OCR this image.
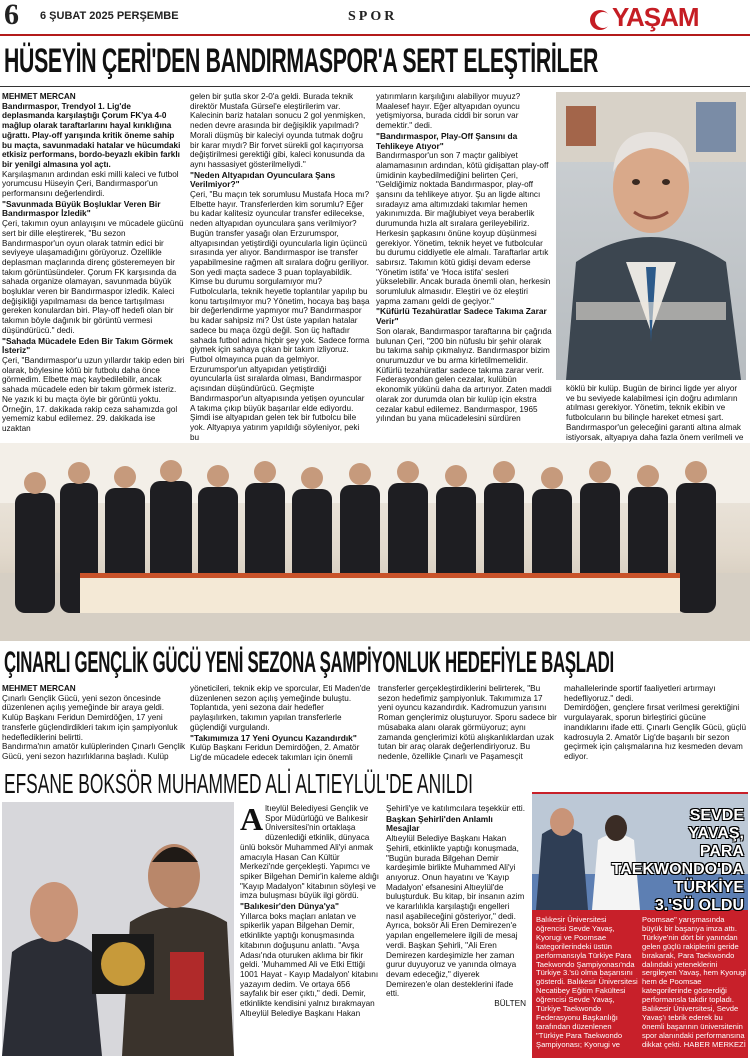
6 6 ŞUBAT 2025 PERŞEMBE	SPOR	YAŞAM
HÜSEYİN ÇERİ'DEN BANDIRMASPOR'A SERT ELEŞTİRİLER

MEHMET MERCAN

Bandırmaspor, Trendyol 1. Lig'de deplasmanda karşılaştığı Çorum FK'ya 4-0 mağlup olarak taraftarlarını hayal kırıklığına uğrattı. Play-off yarışında kritik öneme sahip bu maçta, savunmadaki hatalar ve hücumdaki etkisiz performans, bordo-beyazlı ekibin farklı bir yenilgi almasına yol açtı.

Karşılaşmanın ardından eski milli kaleci ve futbol yorumcusu Hüseyin Çeri, Bandırmaspor'un performansını değerlendirdi.

"Savunmada Büyük Boşluklar Veren Bir Bandırmaspor İzledik"

Çeri, takımın oyun anlayışını ve mücadele gücünü sert bir dille eleştirerek, "Bu sezon Bandırmaspor'un oyun olarak tatmin edici bir seviyeye ulaşamadığını görüyoruz. Özellikle deplasman maçlarında direnç gösteremeyen bir takım görüntüsündeler. Çorum FK karşısında da sahada organize olamayan, savunmada büyük boşluklar veren bir Bandırmaspor izledik. Kaleci değişikliği yapılmaması da bence tartışılması gereken konulardan biri. Play-off hedefi olan bir takımın böyle dağınık bir görüntü vermesi düşündürücü." dedi.

"Sahada Mücadele Eden Bir Takım Görmek İsteriz"

Çeri, "Bandırmaspor'u uzun yıllardır takip eden biri olarak, böylesine kötü bir futbolu daha önce görmedim. Elbette maç kaybedilebilir, ancak sahada mücadele eden bir takım görmek isteriz. Ne yazık ki bu maçta öyle bir görüntü yoktu. Örneğin, 17. dakikada rakip ceza sahamızda gol yememiz kabul edilemez. 29. dakikada ise uzaktan

gelen bir şutla skor 2-0'a geldi. Burada teknik direktör Mustafa Gürsel'e eleştirilerim var. Kalecinin bariz hataları sonucu 2 gol yenmişken, neden devre arasında bir değişiklik yapılmadı? Morali düşmüş bir kaleciyi oyunda tutmak doğru bir karar mıydı? Bir forvet sürekli gol kaçırıyorsa değiştirilmesi gerektiği gibi, kaleci konusunda da aynı hassasiyet gösterilmeliydi."

"Neden Altyapıdan Oyunculara Şans Verilmiyor?"

Çeri, "Bu maçın tek sorumlusu Mustafa Hoca mı? Elbette hayır. Transferlerden kim sorumlu? Eğer bu kadar kalitesiz oyuncular transfer edilecekse, neden altyapıdan oyunculara şans verilmiyor? Bugün transfer yasağı olan Erzurumspor, altyapısından yetiştirdiği oyuncularla ligin üçüncü sırasında yer alıyor. Bandırmaspor ise transfer yapabilmesine rağmen alt sıralara doğru geriliyor. Son yedi maçta sadece 3 puan toplayabildik. Kimse bu durumu sorgulamıyor mu? Futbolcularla, teknik heyetle toplantılar yapılıp bu konu tartışılmıyor mu? Yönetim, hocaya baş başa bir değerlendirme yapmıyor mu? Bandırmaspor bu kadar sahipsiz mi? Üst üste yapılan hatalar sadece bu maça özgü değil. Son üç haftadır sahada futbol adına hiçbir şey yok. Sadece forma giymek için sahaya çıkan bir takım izliyoruz. Futbol olmayınca puan da gelmiyor. Erzurumspor'un altyapıdan yetiştirdiği oyuncularla üst sıralarda olması, Bandırmaspor açısından düşündürücü. Geçmişte Bandırmaspor'un altyapısında yetişen oyuncular A takıma çıkıp büyük başarılar elde ediyordu. Şimdi ise altyapıdan gelen tek bir futbolcu bile yok. Altyapıya yatırım yapıldığı söyleniyor, peki bu

yatırımların karşılığını alabiliyor muyuz? Maalesef hayır. Eğer altyapıdan oyuncu yetişmiyorsa, burada ciddi bir sorun var demektir." dedi.

"Bandırmaspor, Play-Off Şansını da Tehlikeye Atıyor"

Bandırmaspor'un son 7 maçtır galibiyet alamamasının ardından, kötü gidişattan play-off ümidinin kaybedilmediğini belirten Çeri, "Geldiğimiz noktada Bandırmaspor, play-off şansını da tehlikeye atıyor. Şu an ligde altıncı sıradayız ama altımızdaki takımlar hemen yakınımızda. Bir mağlubiyet veya beraberlik durumunda hızla alt sıralara gerileyebiliriz. Herkesin şapkasını önüne koyup düşünmesi gerekiyor. Yönetim, teknik heyet ve futbolcular bu durumu ciddiyetle ele almalı. Taraftarlar artık sabırsız. Takımın kötü gidişi devam ederse 'Yönetim istifa' ve 'Hoca istifa' sesleri yükselebilir. Ancak burada önemli olan, herkesin sorumluluk almasıdır. Eleştiri ve öz eleştiri yapma zamanı geldi de geçiyor."

"Küfürlü Tezahüratlar Sadece Takıma Zarar Verir"

Son olarak, Bandırmaspor taraftarına bir çağrıda bulunan Çeri, "200 bin nüfuslu bir şehir olarak bu takıma sahip çıkmalıyız. Bandırmaspor bizim onurumuzdur ve bu arma kirletilmemelidir. Küfürlü tezahüratlar sadece takıma zarar verir. Federasyondan gelen cezalar, kulübün ekonomik yükünü daha da artırıyor. Zaten maddi olarak zor durumda olan bir kulüp için ekstra cezalar kabul edilemez. Bandırmaspor, 1965 yılından bu yana mücadelesini sürdüren

köklü bir kulüp. Bugün de birinci ligde yer alıyor ve bu seviyede kalabilmesi için doğru adımların atılması gerekiyor. Yönetim, teknik ekibin ve futbolcuların bu bilinçle hareket etmesi şart. Bandırmaspor'un geleceğini garanti altına almak istiyorsak, altyapıya daha fazla önem verilmeli ve

ÇINARLI GENÇLİK GÜCÜ YENİ SEZONA ŞAMPİYONLUK HEDEFİYLE BAŞLADI

MEHMET MERCAN

Çınarlı Gençlik Gücü, yeni sezon öncesinde düzenlenen açılış yemeğinde bir araya geldi. Kulüp Başkanı Feridun Demirdöğen, 17 yeni transferle güçlendirdikleri takım için şampiyonluk hedeflediklerini belirtti.

Bandırma'nın amatör kulüplerinden Çınarlı Gençlik Gücü, yeni sezon hazırlıklarına başladı. Kulüp

yöneticileri, teknik ekip ve sporcular, Eti Maden'de düzenlenen sezon açılış yemeğinde buluştu. Toplantıda, yeni sezona dair hedefler paylaşılırken, takımın yapılan transferlerle güçlendiği vurgulandı.

"Takımımıza 17 Yeni Oyuncu Kazandırdık"

Kulüp Başkanı Feridun Demirdöğen, 2. Amatör Lig'de mücadele edecek takımları için önemli

transferler gerçekleştirdiklerini belirterek, "Bu sezon hedefimiz şampiyonluk. Takımımıza 17 yeni oyuncu kazandırdık. Kadromuzun yarısını Roman gençlerimiz oluşturuyor. Sporu sadece bir müsabaka alanı olarak görmüyoruz; aynı zamanda gençlerimizi kötü alışkanlıklardan uzak tutan bir araç olarak değerlendiriyoruz. Bu nedenle, özellikle Çınarlı ve Paşamesçit

mahallelerinde sportif faaliyetleri artırmayı hedefliyoruz." dedi.

Demirdöğen, gençlere fırsat verilmesi gerektiğini vurgulayarak, sporun birleştirici gücüne inandıklarını ifade etti. Çınarlı Gençlik Gücü, güçlü kadrosuyla 2. Amatör Lig'de başarılı bir sezon geçirmek için çalışmalarına hız kesmeden devam ediyor.

EFSANE BOKSÖR MUHAMMED ALİ ALTIEYLÜL'DE ANILDI
A ltıeylül Belediyesi Gençlik ve Spor Müdürlüğü ve Balıkesir Üniversitesi'nin ortaklaşa düzenlediği etkinlik, dünyaca ünlü boksör Muhammed Ali'yi anmak amacıyla Hasan Can Kültür Merkezi'nde gerçekleşti. Yapımcı ve spiker Bilgehan Demir'in kaleme aldığı "Kayıp Madalyon" kitabının söyleşi ve imza buluşması büyük ilgi gördü.

"Balıkesir'den Dünya'ya"

Yıllarca boks maçları anlatan ve spikerlik yapan Bilgehan Demir, etkinlikte yaptığı konuşmasında kitabının doğuşunu anlattı. "Avşa Adası'nda oturuken aklıma bir fikir geldi. 'Muhammed Ali ve Etki Ettiği 1001 Hayat - Kayıp Madalyon' kitabını yazayım dedim. Ve ortaya 656 sayfalık bir eser çıktı," dedi. Demir, etkinlikte kendisini yalnız bırakmayan Altıeylül Belediye Başkanı Hakan

Şehirli'ye ve katılımcılara teşekkür etti.

Başkan Şehirli'den Anlamlı Mesajlar

Altıeylül Belediye Başkanı Hakan Şehirli, etkinlikte yaptığı konuşmada, "Bugün burada Bilgehan Demir kardeşimle birlikte Muhammed Ali'yi anıyoruz. Onun hayatını ve 'Kayıp Madalyon' efsanesini Altıeylül'de buluşturduk. Bu kitap, bir insanın azim ve kararlılıkla karşılaştığı engelleri nasıl aşabileceğini gösteriyor," dedi. Ayrıca, boksör Ali Eren Demirezen'e yapılan engellemelere ilgili de mesaj verdi. Başkan Şehirli, "Ali Eren Demirezen kardeşimizle her zaman gurur duyuyoruz ve yanında olmaya devam edeceğiz," diyerek Demirezen'e olan desteklerini ifade etti.

BÜLTEN

SEVDE
YAVAŞ,
PARA
TAEKWONDO'DA
TÜRKİYE
3.'SÜ OLDU

Balıkesir Üniversitesi öğrencisi Sevde Yavaş, Kyorugi ve Poomsae kategorilerindeki üstün performansıyla Türkiye Para Taekwondo Şampiyonası'nda Türkiye 3.'sü olma başarısını gösterdi. Balıkesir Üniversitesi Necatibey Eğitim Fakültesi öğrencisi Sevde Yavaş, Türkiye Taekwondo Federasyonu Başkanlığı tarafından düzenlenen "Türkiye Para Taekwondo Şampiyonası; Kyorugi ve

Poomsae" yarışmasında büyük bir başarıya imza attı. Türkiye'nin dört bir yanından gelen güçlü rakiplerini geride bırakarak, Para Taekwondo dalındaki yeteneklerini sergileyen Yavaş, hem Kyorugi hem de Poomsae kategorilerinde gösterdiği performansla takdir topladı. Balıkesir Üniversitesi, Sevde Yavaş'ı tebrik ederek bu önemli başarının üniversitenin spor alanındaki performansına dikkat çekti. HABER MERKEZİ
